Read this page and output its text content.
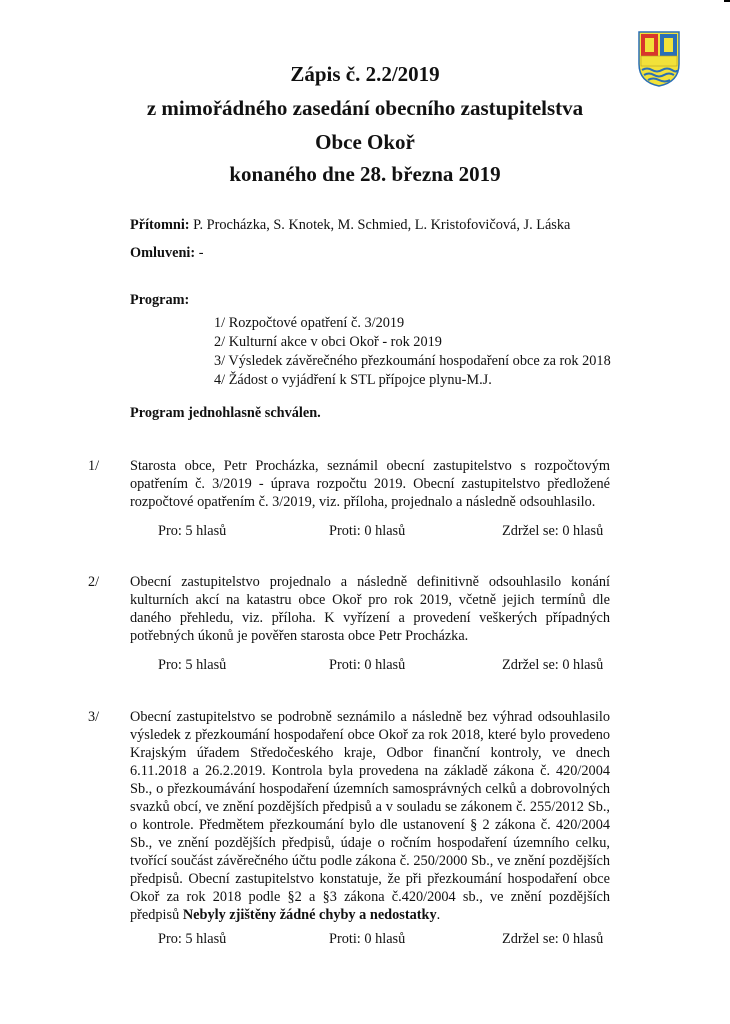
Zápis č. 2.2/2019
z mimořádného zasedání obecního zastupitelstva
Obce Okoř
konaného dne 28. března 2019
Přítomni: P. Procházka, S. Knotek, M. Schmied, L. Kristofovičová, J. Láska
Omluveni: -
Program:
1/ Rozpočtové opatření č. 3/2019
2/ Kulturní akce v obci Okoř - rok 2019
3/ Výsledek závěrečného přezkoumání hospodaření obce za rok 2018
4/ Žádost o vyjádření k STL přípojce plynu-M.J.
Program jednohlasně schválen.
1/ Starosta obce, Petr Procházka, seznámil obecní zastupitelstvo s rozpočtovým opatřením č. 3/2019 - úprava rozpočtu 2019. Obecní zastupitelstvo předložené rozpočtové opatřením č. 3/2019, viz. příloha, projednalo a následně odsouhlasilo.

Pro: 5 hlasů	Proti: 0 hlasů	Zdržel se: 0 hlasů
2/ Obecní zastupitelstvo projednalo a následně definitivně odsouhlasilo konání kulturních akcí na katastru obce Okoř pro rok 2019, včetně jejich termínů dle daného přehledu, viz. příloha. K vyřízení a provedení veškerých případných potřebných úkonů je pověřen starosta obce Petr Procházka.

Pro: 5 hlasů	Proti: 0 hlasů	Zdržel se: 0 hlasů
3/ Obecní zastupitelstvo se podrobně seznámilo a následně bez výhrad odsouhlasilo výsledek z přezkoumání hospodaření obce Okoř za rok 2018, které bylo provedeno Krajským úřadem Středočeského kraje, Odbor finanční kontroly, ve dnech 6.11.2018 a 26.2.2019. Kontrola byla provedena na základě zákona č. 420/2004 Sb., o přezkoumávání hospodaření územních samosprávných celků a dobrovolných svazků obcí, ve znění pozdějších předpisů a v souladu se zákonem č. 255/2012 Sb., o kontrole. Předmětem přezkoumání bylo dle ustanovení § 2 zákona č. 420/2004 Sb., ve znění pozdějších předpisů, údaje o ročním hospodaření územního celku, tvořící součást závěrečného účtu podle zákona č. 250/2000 Sb., ve znění pozdějších předpisů. Obecní zastupitelstvo konstatuje, že při přezkoumání hospodaření obce Okoř za rok 2018 podle §2 a §3 zákona č.420/2004 sb., ve znění pozdějších předpisů Nebyly zjištěny žádné chyby a nedostatky.

Pro: 5 hlasů	Proti: 0 hlasů	Zdržel se: 0 hlasů
